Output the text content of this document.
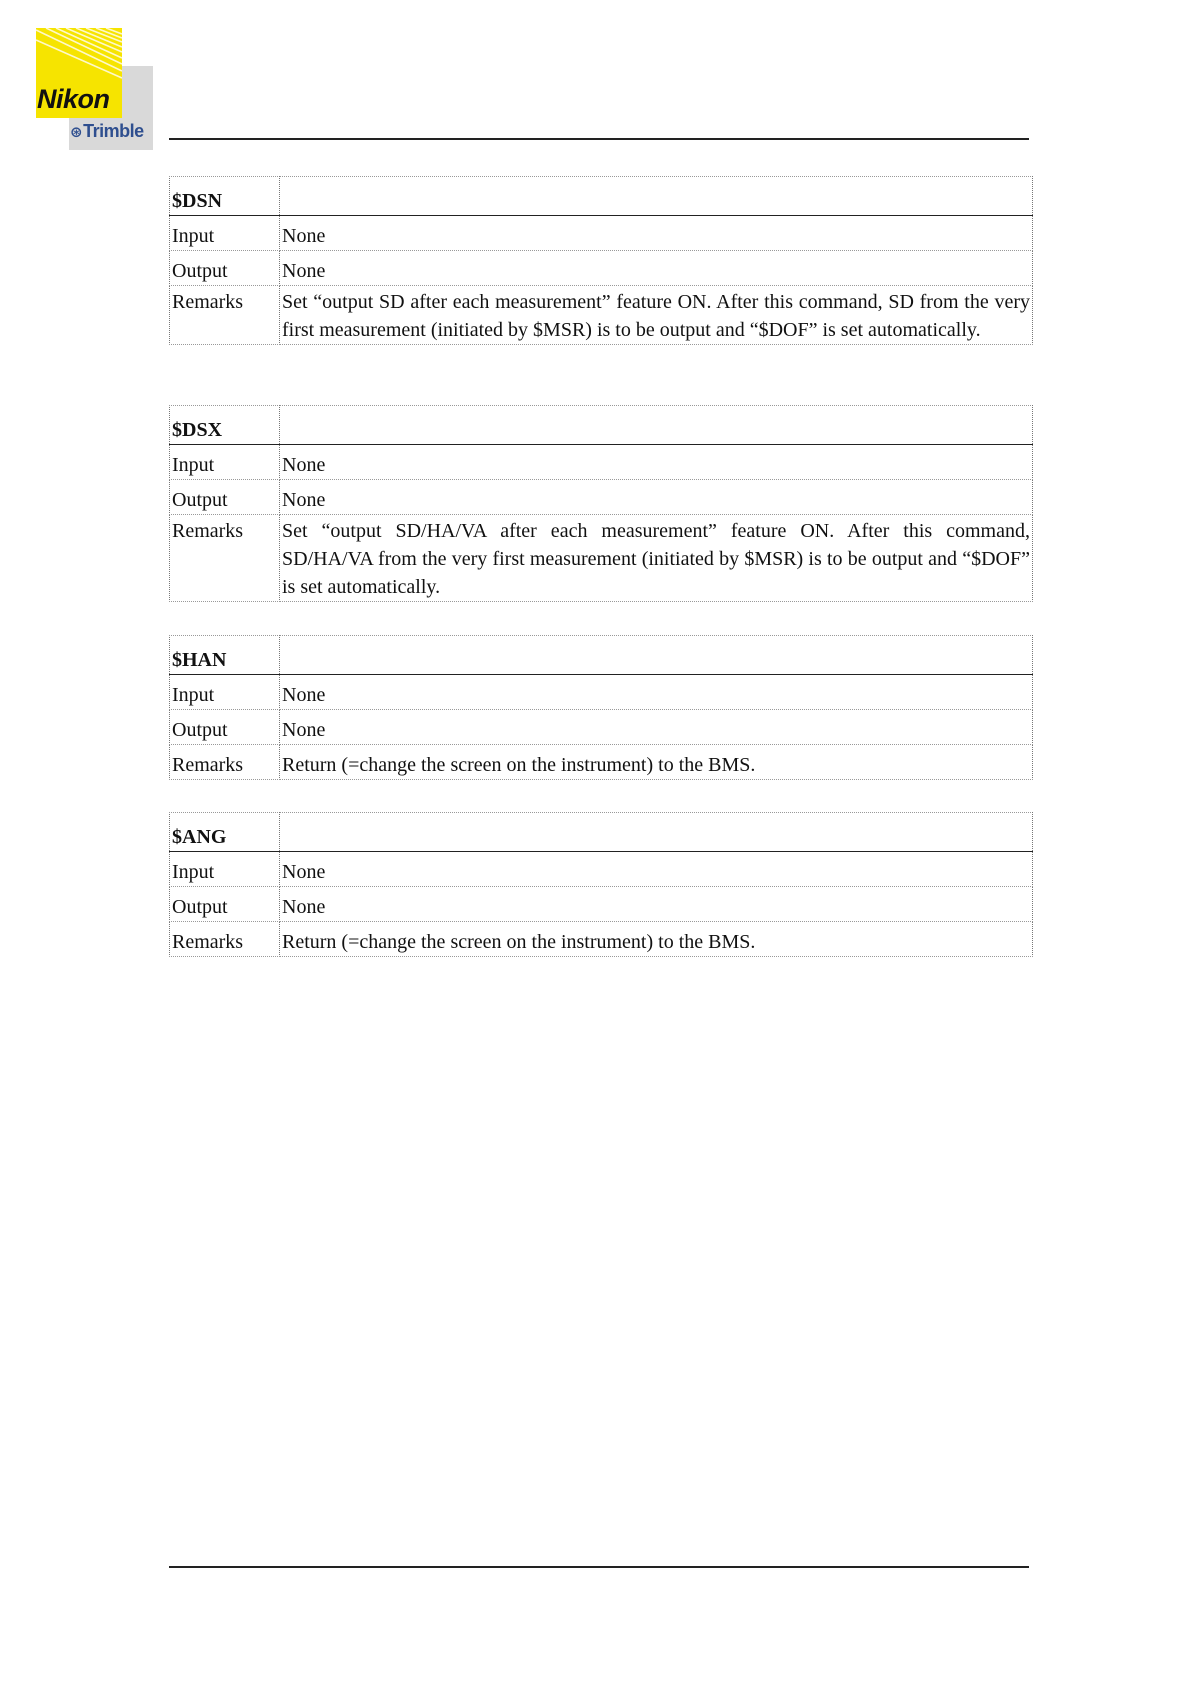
Nikon
⊛Trimble
$DSN	
Input	None
Output	None
Remarks	Set “output SD after each measurement” feature ON. After this command, SD from the very first measurement (initiated by $MSR) is to be output and “$DOF” is set automatically.
$DSX	
Input	None
Output	None
Remarks	Set “output SD/HA/VA after each measurement” feature ON. After this command, SD/HA/VA from the very first measurement (initiated by $MSR) is to be output and “$DOF” is set automatically.
$HAN	
Input	None
Output	None
Remarks	Return (=change the screen on the instrument) to the BMS.
$ANG	
Input	None
Output	None
Remarks	Return (=change the screen on the instrument) to the BMS.
